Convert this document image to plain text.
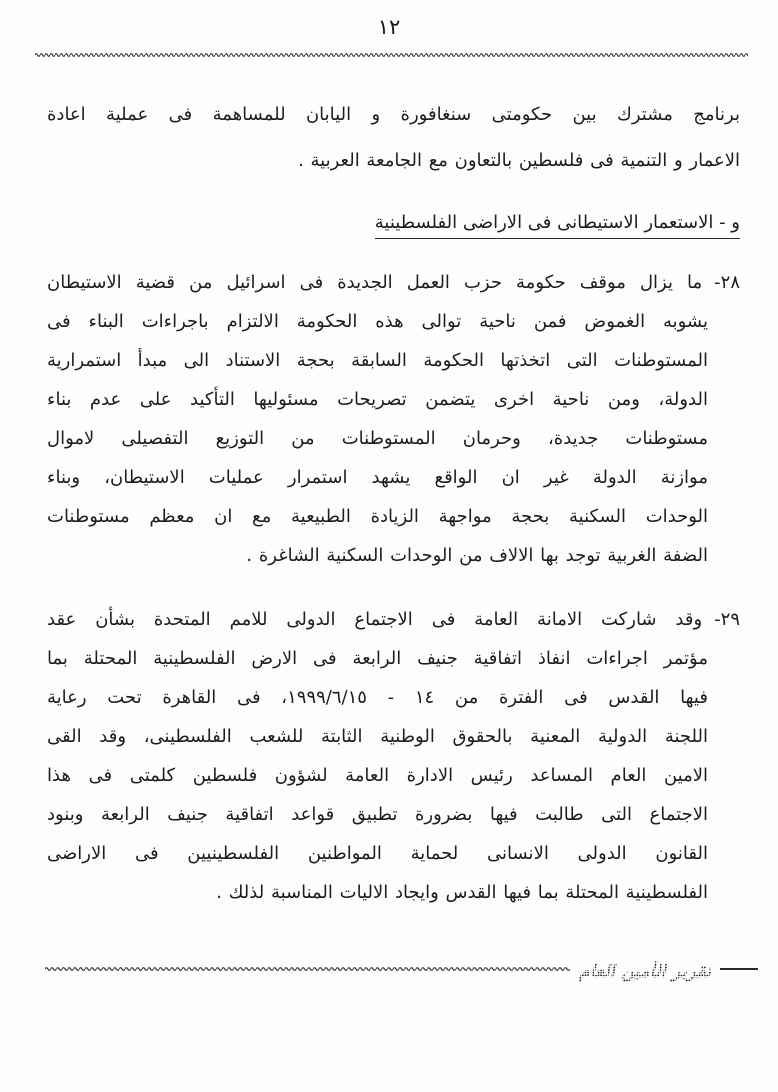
١٢
برنامج مشترك بين حكومتى سنغافورة و اليابان للمساهمة فى عملية اعادة
الاعمار و التنمية فى فلسطين بالتعاون مع الجامعة العربية .
و - الاستعمار الاستيطانى فى الاراضى الفلسطينية
٢٨-ما يزال موقف حكومة حزب العمل الجديدة فى اسرائيل من قضية الاستيطان
يشوبه الغموض فمن ناحية توالى هذه الحكومة الالتزام باجراءات البناء فى
المستوطنات التى اتخذتها الحكومة السابقة بحجة الاستناد الى مبدأ استمرارية
الدولة، ومن ناحية اخرى يتضمن تصريحات مسئوليها التأكيد على عدم بناء
مستوطنات جديدة، وحرمان المستوطنات من التوزيع التفصيلى لاموال
موازنة الدولة غير ان الواقع يشهد استمرار عمليات الاستيطان، وبناء
الوحدات السكنية بحجة مواجهة الزيادة الطبيعية مع ان معظم مستوطنات
الضفة الغربية توجد بها الالاف من الوحدات السكنية الشاغرة .
٢٩-وقد شاركت الامانة العامة فى الاجتماع الدولى للامم المتحدة بشأن عقد
مؤتمر اجراءات انفاذ اتفاقية جنيف الرابعة فى الارض الفلسطينية المحتلة بما
فيها القدس فى الفترة من ١٤ - ١٩٩٩/٦/١٥، فى القاهرة تحت رعاية
اللجنة الدولية المعنية بالحقوق الوطنية الثابتة للشعب الفلسطينى، وقد القى
الامين العام المساعد رئيس الادارة العامة لشؤون فلسطين كلمتى فى هذا
الاجتماع التى طالبت فيها بضرورة تطبيق قواعد اتفاقية جنيف الرابعة وبنود
القانون الدولى الانسانى لحماية المواطنين الفلسطينيين فى الاراضى
الفلسطينية المحتلة بما فيها القدس وايجاد الاليات المناسبة لذلك .
تقرير الأمين العام
